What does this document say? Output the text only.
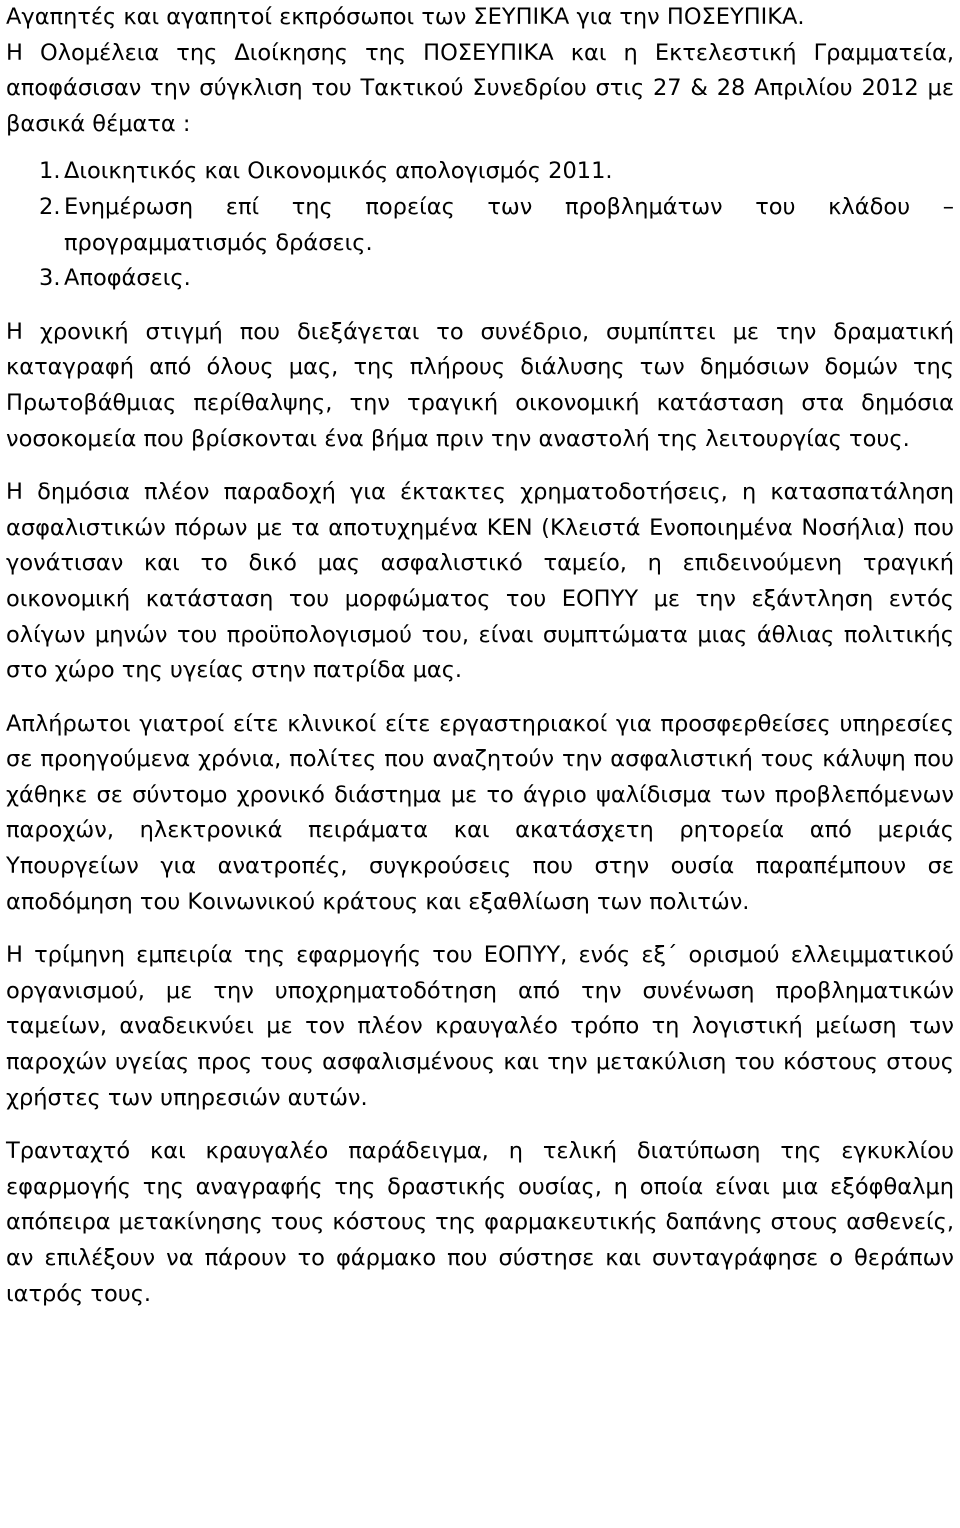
Αγαπητές και αγαπητοί εκπρόσωποι των ΣΕΥΠΙΚΑ για την ΠΟΣΕΥΠΙΚΑ.

Η Ολομέλεια της Διοίκησης της ΠΟΣΕΥΠΙΚΑ και η Εκτελεστική Γραμματεία, αποφάσισαν την σύγκλιση του Τακτικού Συνεδρίου στις 27 & 28 Απριλίου 2012 με βασικά θέματα :

1. Διοικητικός και Οικονομικός απολογισμός 2011.
2. Ενημέρωση επί της πορείας των προβλημάτων του κλάδου – προγραμματισμός δράσεις.
3. Αποφάσεις.

Η χρονική στιγμή που διεξάγεται το συνέδριο, συμπίπτει με την δραματική καταγραφή από όλους μας, της πλήρους διάλυσης των δημόσιων δομών της Πρωτοβάθμιας περίθαλψης, την τραγική οικονομική κατάσταση στα δημόσια νοσοκομεία που βρίσκονται ένα βήμα πριν την αναστολή της λειτουργίας τους.

Η δημόσια πλέον παραδοχή για έκτακτες χρηματοδοτήσεις, η κατασπατάληση ασφαλιστικών πόρων με τα αποτυχημένα ΚΕΝ (Κλειστά Ενοποιημένα Νοσήλια) που γονάτισαν και το δικό μας ασφαλιστικό ταμείο, η επιδεινούμενη τραγική οικονομική κατάσταση του μορφώματος του ΕΟΠΥΥ με την εξάντληση εντός ολίγων μηνών του προϋπολογισμού του, είναι συμπτώματα μιας άθλιας πολιτικής στο χώρο της υγείας στην πατρίδα μας.

Απλήρωτοι γιατροί είτε κλινικοί είτε εργαστηριακοί για προσφερθείσες υπηρεσίες σε προηγούμενα χρόνια, πολίτες που αναζητούν την ασφαλιστική τους κάλυψη που χάθηκε σε σύντομο χρονικό διάστημα με το άγριο ψαλίδισμα των προβλεπόμενων παροχών, ηλεκτρονικά πειράματα και ακατάσχετη ρητορεία από μεριάς Υπουργείων για ανατροπές, συγκρούσεις που στην ουσία παραπέμπουν σε αποδόμηση του Κοινωνικού κράτους και εξαθλίωση των πολιτών.

Η τρίμηνη εμπειρία της εφαρμογής του ΕΟΠΥΥ, ενός εξ΄ ορισμού ελλειμματικού οργανισμού, με την υποχρηματοδότηση από την συνένωση προβληματικών ταμείων, αναδεικνύει με τον πλέον κραυγαλέο τρόπο τη λογιστική μείωση των παροχών υγείας προς τους ασφαλισμένους και την μετακύλιση του κόστους στους χρήστες των υπηρεσιών αυτών.

Τρανταχτό και κραυγαλέο παράδειγμα, η τελική διατύπωση της εγκυκλίου εφαρμογής της αναγραφής της δραστικής ουσίας, η οποία είναι μια εξόφθαλμη απόπειρα μετακίνησης τους κόστους της φαρμακευτικής δαπάνης στους ασθενείς, αν επιλέξουν να πάρουν το φάρμακο που σύστησε και συνταγράφησε ο θεράπων ιατρός τους.
